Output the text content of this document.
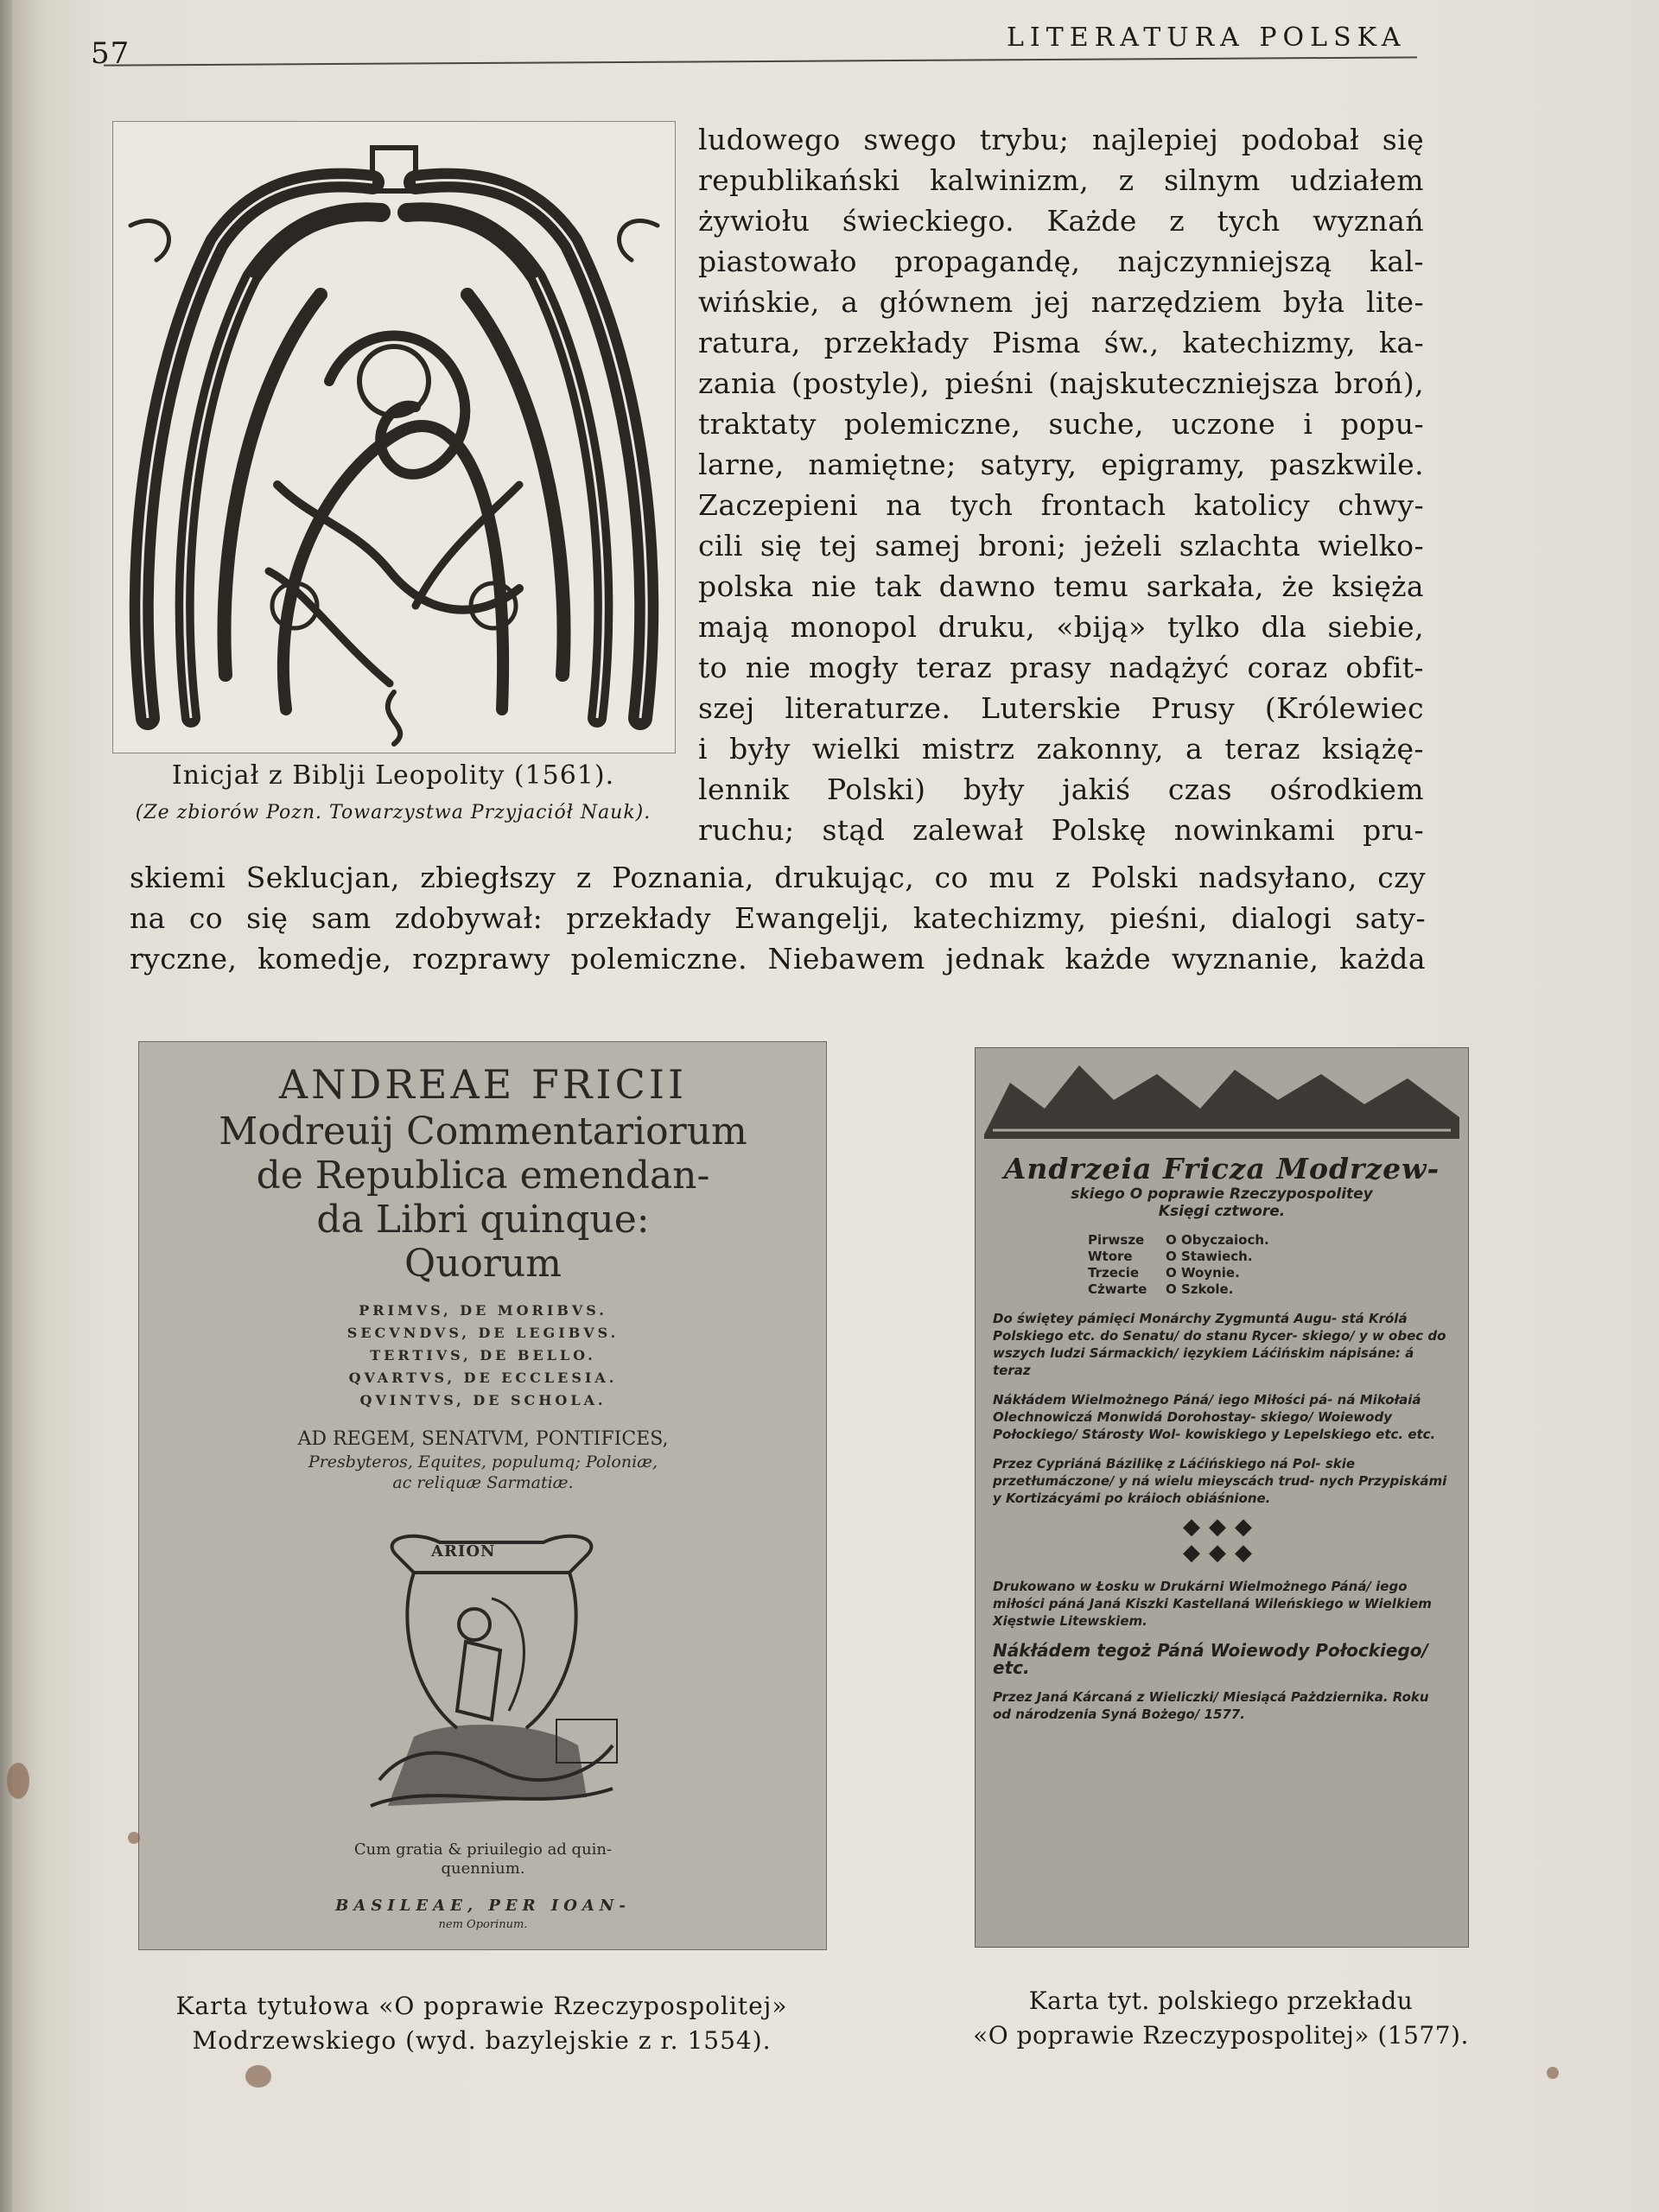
57	LITERATURA POLSKA
Inicjał z Biblji Leopolity (1561).
(Ze zbiorów Pozn. Towarzystwa Przyjaciół Nauk).
ludowego swego trybu; najlepiej podobał się
republikański kalwinizm, z silnym udziałem
żywiołu świeckiego. Każde z tych wyznań
piastowało propagandę, najczynniejszą kal-
wińskie, a głównem jej narzędziem była lite-
ratura, przekłady Pisma św., katechizmy, ka-
zania (postyle), pieśni (najskuteczniejsza broń),
traktaty polemiczne, suche, uczone i popu-
larne, namiętne; satyry, epigramy, paszkwile.
Zaczepieni na tych frontach katolicy chwy-
cili się tej samej broni; jeżeli szlachta wielko-
polska nie tak dawno temu sarkała, że księża
mają monopol druku, «biją» tylko dla siebie,
to nie mogły teraz prasy nadążyć coraz obfit-
szej literaturze. Luterskie Prusy (Królewiec
i były wielki mistrz zakonny, a teraz książę-
lennik Polski) były jakiś czas ośrodkiem
ruchu; stąd zalewał Polskę nowinkami pru-
skiemi Seklucjan, zbiegłszy z Poznania, drukując, co mu z Polski nadsyłano, czy
na co się sam zdobywał: przekłady Ewangelji, katechizmy, pieśni, dialogi saty-
ryczne, komedje, rozprawy polemiczne. Niebawem jednak każde wyznanie, każda
ANDREAE FRICII
Modreuij Commentariorum
de Republica emendan-
da Libri quinque:
Quorum
PRIMVS, DE MORIBVS.
SECVNDVS, DE LEGIBVS.
TERTIVS, DE BELLO.
QVARTVS, DE ECCLESIA.
QVINTVS, DE SCHOLA.
AD REGEM, SENATVM, PONTIFICES,
Presbyteros, Equites, populumq; Poloniæ,
ac reliquæ Sarmatiæ.
ARION
Cum gratia & priuilegio ad quin-
quennium.
BASILEAE, PER IOAN-
nem Oporinum.
Andrzeia Fricza Modrzew-
skiego O poprawie Rzeczypospolitey
Księgi cztwore.
Pirwsze O Obyczaioch.
Wtore	O Stawiech.
Trzecie O Woynie.
Cżwarte O Szkole.
Do świętey pámięci Monárchy Zygmuntá Augu- stá Królá Polskiego etc. do Senatu/ do stanu Rycer- skiego/ y w obec do wszych ludzi Sármackich/ ięzykiem Láćińskim nápisáne: á teraz
Nákłádem Wielmożnego Páná/ iego Miłości pá- ná Mikołaiá Olechnowiczá Monwidá Dorohostay- skiego/ Woiewody Połockiego/ Stárosty Wol- kowiskiego y Lepelskiego etc. etc.
Przez Cypriáná Bázilikę z Láćińskiego ná Pol- skie przetłumáczone/ y ná wielu mieyscách trud- nych Przypiskámi y Kortizácyámi po kráioch obiáśnione.
◆◆◆
◆◆◆
Drukowano w Łosku w Drukárni Wielmożnego Páná/ iego miłości páná Janá Kiszki Kastellaná Wileńskiego w Wielkiem Xięstwie Litewskiem.
Nákłádem tegoż Páná Woiewody Połockiego/ etc.
Przez Janá Kárcaná z Wieliczki/ Miesiącá Pażdziernika. Roku od národzenia Syná Bożego/ 1577.
Karta tytułowa «O poprawie Rzeczypospolitej»
Modrzewskiego (wyd. bazylejskie z r. 1554).
Karta tyt. polskiego przekładu
«O poprawie Rzeczypospolitej» (1577).
